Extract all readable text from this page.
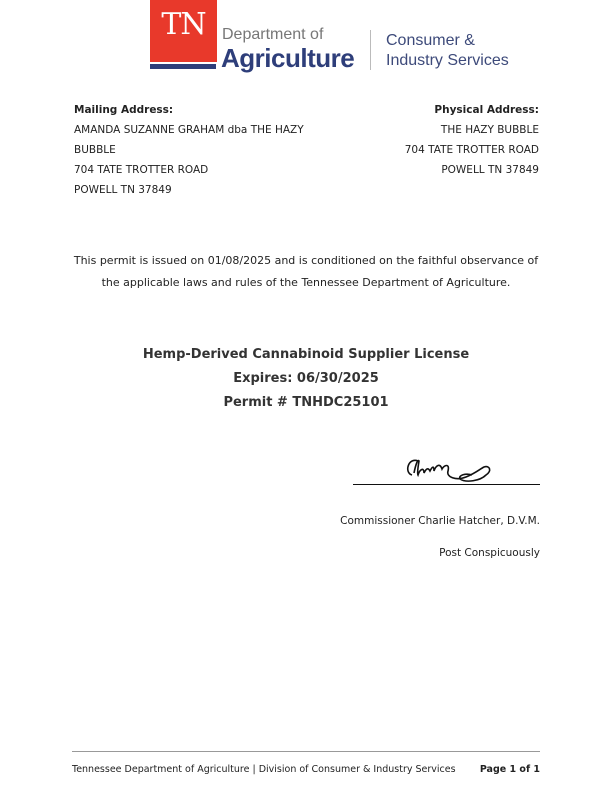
TN	Department of
Agriculture
Consumer &
Industry Services
Mailing Address:
AMANDA SUZANNE GRAHAM dba THE HAZY
BUBBLE
704 TATE TROTTER ROAD
POWELL TN 37849
Physical Address:
THE HAZY BUBBLE
704 TATE TROTTER ROAD
POWELL TN 37849
This permit is issued on 01/08/2025 and is conditioned on the faithful observance of
the applicable laws and rules of the Tennessee Department of Agriculture.
Hemp-Derived Cannabinoid Supplier License
Expires: 06/30/2025
Permit # TNHDC25101
Commissioner Charlie Hatcher, D.V.M.
Post Conspicuously
Tennessee Department of Agriculture | Division of Consumer & Industry Services	Page 1 of 1
